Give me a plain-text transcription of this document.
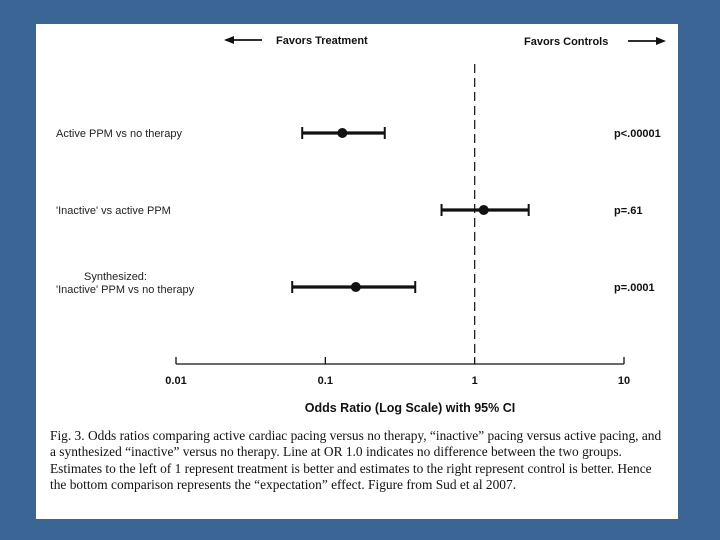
Favors Treatment	Favors Controls
Active PPM vs no therapy	p<.00001
'Inactive' vs active PPM	p=.61
Synthesized:
'Inactive' PPM vs no therapy	p=.0001
0.01	0.1	1	10
Odds Ratio (Log Scale) with 95% CI
Fig. 3. Odds ratios comparing active cardiac pacing versus no therapy, “inactive” pacing versus active pacing, and a synthesized “inactive” versus no therapy. Line at OR 1.0 indicates no difference between the two groups. Estimates to the left of 1 represent treatment is better and estimates to the right represent control is better. Hence the bottom comparison represents the “expectation” effect. Figure from Sud et al 2007.
